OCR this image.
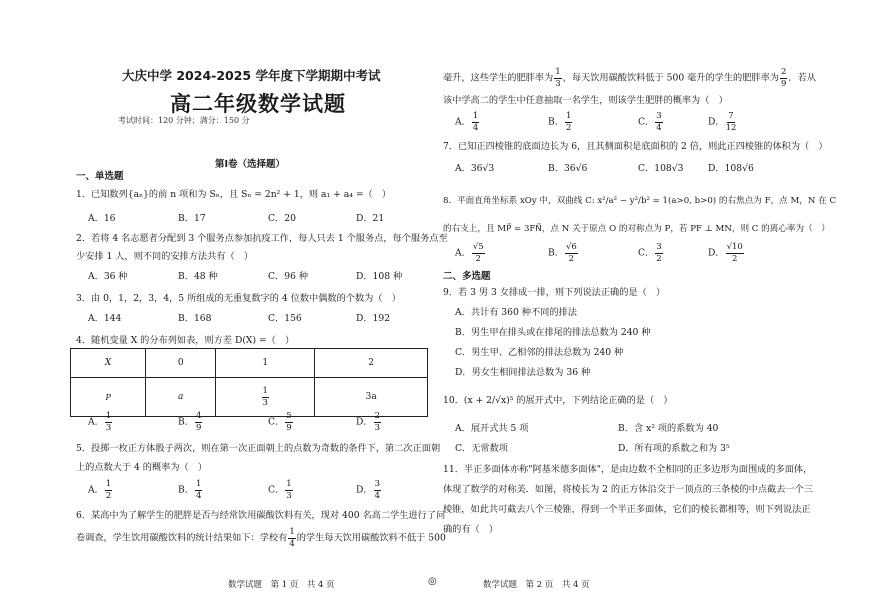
大庆中学 2024-2025 学年度下学期期中考试
高二年级数学试题
考试时间：120 分钟；满分：150 分
第Ⅰ卷（选择题）
一、单选题
1．已知数列{aₙ}的前 n 项和为 Sₙ，且 Sₙ = 2n² + 1，则 a₁ + a₄ =（　）
A．16	B．17	C．20	D．21
2．若将 4 名志愿者分配到 3 个服务点参加抗疫工作，每人只去 1 个服务点，每个服务点至
少安排 1 人，则不同的安排方法共有（　）
A．36 种	B．48 种	C．96 种	D．108 种
3．由 0，1，2，3，4，5 所组成的无重复数字的 4 位数中偶数的个数为（　）
A．144	B．168	C．156	D．192
4．随机变量 X 的分布列如表，则方差 D(X) =（　）
X	0	1	2
P	a	$\frac{1}{3}$	3a
A． $\frac{1}{3}$	B． $\frac{4}{9}$	C． $\frac{5}{9}$	D． $\frac{2}{3}$
5．投掷一枚正方体骰子两次，则在第一次正面朝上的点数为奇数的条件下，第二次正面朝
上的点数大于 4 的概率为（　）
A． $\frac{1}{2}$	B． $\frac{1}{4}$	C． $\frac{1}{3}$	D． $\frac{3}{4}$
6．某高中为了解学生的肥胖是否与经常饮用碳酸饮料有关，现对 400 名高二学生进行了问
卷调查，学生饮用碳酸饮料的统计结果如下：学校有 $\frac{1}{4}$ 的学生每天饮用碳酸饮料不低于 500
数学试题　第 1 页　共 4 页	◎
毫升，这些学生的肥胖率为 $\frac{1}{3}$ ，每天饮用碳酸饮料低于 500 毫升的学生的肥胖率为 $\frac{2}{9}$ ．若从
该中学高二的学生中任意抽取一名学生，则该学生肥胖的概率为（　）
A． $\frac{1}{4}$	B． $\frac{1}{2}$	C． $\frac{3}{4}$	D． $\frac{7}{12}$
7．已知正四棱锥的底面边长为 6，且其侧面积是底面积的 2 倍，则此正四棱锥的体积为（　）
A．36√3	B．36√6	C．108√3	D．108√6
8．平面直角坐标系 xOy 中，双曲线 C: x²/a² − y²/b² = 1(a>0, b>0) 的右焦点为 F，点 M，N 在 C
的右支上，且 MP⃗ = 3FN⃗，点 N 关于原点 O 的对称点为 P，若 PF ⊥ MN，则 C 的离心率为（　）
A． $\frac{√5}{2}$	B． $\frac{√6}{2}$	C． $\frac{3}{2}$	D． $\frac{√10}{2}$
二、多选题
9．若 3 男 3 女排成一排，则下列说法正确的是（　）
A．共计有 360 种不同的排法
B．男生甲在排头或在排尾的排法总数为 240 种
C．男生甲、乙相邻的排法总数为 240 种
D．男女生相间排法总数为 36 种
10．(x + 2/√x)⁵ 的展开式中，下列结论正确的是（　）
A．展开式共 5 项	B．含 x² 项的系数为 40
C．无常数项	D．所有项的系数之和为 3⁵
11．半正多面体亦称"阿基米德多面体"，是由边数不全相同的正多边形为面围成的多面体，
体现了数学的对称美．如图，将棱长为 2 的正方体沿交于一顶点的三条棱的中点截去一个三
棱锥，如此共可截去八个三棱锥，得到一个半正多面体，它们的棱长都相等，则下列说法正
确的有（　）
数学试题　第 2 页　共 4 页
